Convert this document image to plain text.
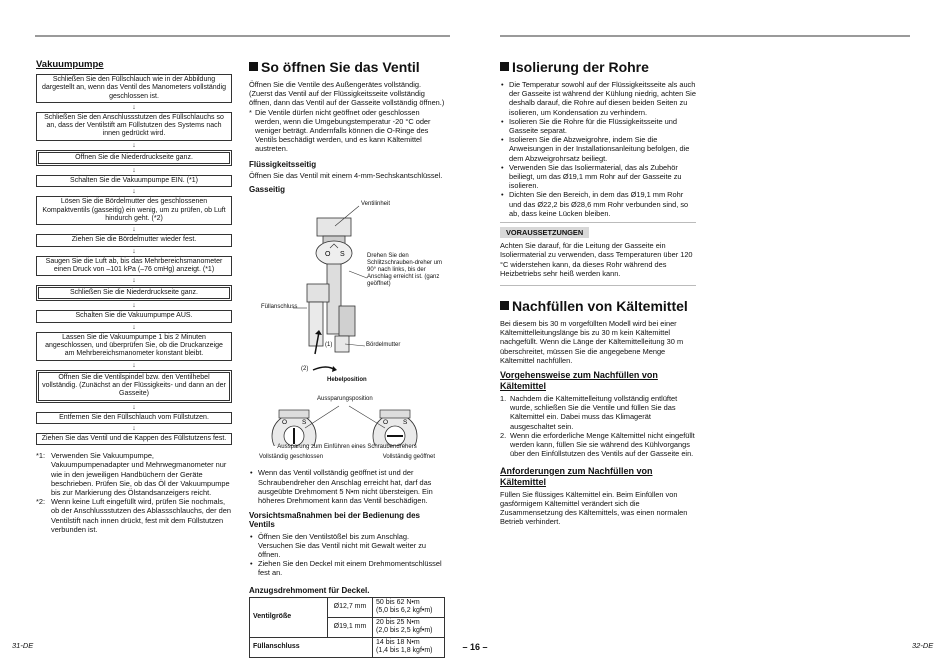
Vakuumpumpe
Schließen Sie den Füllschlauch wie in der Abbildung dargestellt an, wenn das Ventil des Manometers vollständig geschlossen ist.
↓
Schließen Sie den Anschlussstutzen des Füllschlauchs so an, dass der Ventilstift am Füllstutzen des Systems nach innen gedrückt wird.
↓
Öffnen Sie die Niederdruckseite ganz.
↓
Schalten Sie die Vakuumpumpe EIN. (*1)
↓
Lösen Sie die Bördelmutter des geschlossenen Kompaktventils (gasseitig) ein wenig, um zu prüfen, ob Luft hindurch geht. (*2)
↓
Ziehen Sie die Bördelmutter wieder fest.
↓
Saugen Sie die Luft ab, bis das Mehrbereichsmanometer einen Druck von –101 kPa (–76 cmHg) anzeigt. (*1)
↓
Schließen Sie die Niederdruckseite ganz.
↓
Schalten Sie die Vakuumpumpe AUS.
↓
Lassen Sie die Vakuumpumpe 1 bis 2 Minuten angeschlossen, und überprüfen Sie, ob die Druckanzeige am Mehrbereichsmanometer konstant bleibt.
↓
Öffnen Sie die Ventilspindel bzw. den Ventilhebel vollständig. (Zunächst an der Flüssigkeits- und dann an der Gasseite)
↓
Entfernen Sie den Füllschlauch vom Füllstutzen.
↓
Ziehen Sie das Ventil und die Kappen des Füllstutzens fest.
*1: Verwenden Sie Vakuumpumpe, Vakuumpumpenadapter und Mehrwegmanometer nur wie in den jeweiligen Handbüchern der Geräte beschrieben. Prüfen Sie, ob das Öl der Vakuumpumpe bis zur Markierung des Ölstandsanzeigers reicht.
*2: Wenn keine Luft eingefüllt wird, prüfen Sie nochmals, ob der Anschlussstutzen des Ablassschlauchs, der den Ventilstift nach innen drückt, fest mit dem Füllstutzen verbunden ist.
So öffnen Sie das Ventil
Öffnen Sie die Ventile des Außengerätes vollständig. (Zuerst das Ventil auf der Flüssigkeitsseite vollständig öffnen, dann das Ventil auf der Gasseite vollständig öffnen.)
* Die Ventile dürfen nicht geöffnet oder geschlossen werden, wenn die Umgebungstemperatur -20 °C oder weniger beträgt. Andernfalls können die O-Ringe des Ventils beschädigt werden, und es kann Kältemittel austreten.
Flüssigkeitsseitig
Öffnen Sie das Ventil mit einem 4-mm-Sechskantschlüssel.
Gasseitig
O S
O S	O S
Ventilinheit
Drehen Sie den Schlitzschrauben-dreher um 90° nach links, bis der Anschlag erreicht ist. (ganz geöffnet)
Füllanschluss
Bördelmutter
(1)
(2)
Hebelposition
Aussparungsposition
Aussparung zum Einführen eines Schraubendrehers
Vollständig geschlossen	Vollständig geöffnet
• Wenn das Ventil vollständig geöffnet ist und der Schraubendreher den Anschlag erreicht hat, darf das ausgeübte Drehmoment 5 N•m nicht übersteigen. Ein höheres Drehmoment kann das Ventil beschädigen.
Vorsichtsmaßnahmen bei der Bedienung des Ventils
• Öffnen Sie den Ventilstößel bis zum Anschlag. Versuchen Sie das Ventil nicht mit Gewalt weiter zu öffnen.
• Ziehen Sie den Deckel mit einem Drehmomentschlüssel fest an.
Anzugsdrehmoment für Deckel.
Ventilgröße	Ø12,7 mm	50 bis 62 N•m
(5,0 bis 6,2 kgf•m)

	Ø19,1 mm	20 bis 25 N•m
(2,0 bis 2,5 kgf•m)

Füllanschluss		14 bis 18 N•m
(1,4 bis 1,8 kgf•m)
Isolierung der Rohre
• Die Temperatur sowohl auf der Flüssigkeitsseite als auch der Gasseite ist während der Kühlung niedrig, achten Sie deshalb darauf, die Rohre auf diesen beiden Seiten zu isolieren, um Kondensation zu verhindern.
• Isolieren Sie die Rohre für die Flüssigkeitsseite und Gasseite separat.
• Isolieren Sie die Abzweigrohre, indem Sie die Anweisungen in der Installationsanleitung befolgen, die dem Abzweigrohrsatz beiliegt.
• Verwenden Sie das Isoliermaterial, das als Zubehör beiliegt, um das Ø19,1 mm Rohr auf der Gasseite zu isolieren.
• Dichten Sie den Bereich, in dem das Ø19,1 mm Rohr und das Ø22,2 bis Ø28,6 mm Rohr verbunden sind, so ab, dass keine Lücken bleiben.
VORAUSSETZUNGEN
Achten Sie darauf, für die Leitung der Gasseite ein Isoliermaterial zu verwenden, dass Temperaturen über 120 °C widerstehen kann, da dieses Rohr während des Heizbetriebs sehr heiß werden kann.
Nachfüllen von Kältemittel
Bei diesem bis 30 m vorgefüllten Modell wird bei einer Kältemittelleitungslänge bis zu 30 m kein Kältemittel nachgefüllt. Wenn die Länge der Kältemittelleitung 30 m überschreitet, müssen Sie die angegebene Menge Kältemittel nachfüllen.
Vorgehensweise zum Nachfüllen von Kältemittel
1. Nachdem die Kältemittelleitung vollständig entlüftet wurde, schließen Sie die Ventile und füllen Sie das Kältemittel ein. Dabei muss das Klimagerät ausgeschaltet sein.
2. Wenn die erforderliche Menge Kältemittel nicht eingefüllt werden kann, füllen Sie sie während des Kühlvorgangs über den Einfüllstutzen des Ventils auf der Gasseite ein.
Anforderungen zum Nachfüllen von Kältemittel
Füllen Sie flüssiges Kältemittel ein. Beim Einfüllen von gasförmigem Kältemittel verändert sich die Zusammensetzung des Kältemittels, was einen normalen Betrieb verhindert.
31-DE	– 16 –	32-DE
